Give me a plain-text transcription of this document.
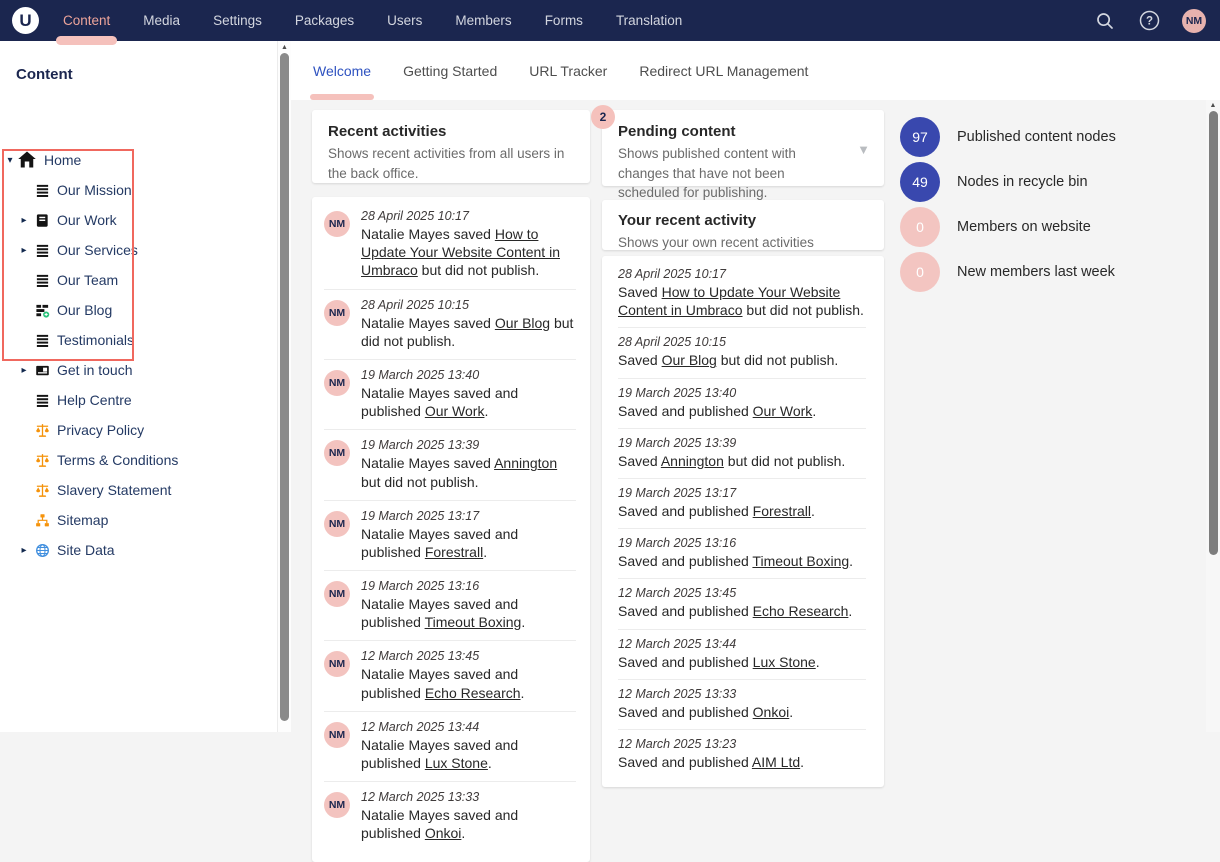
U	Content Media Settings Packages Users Members Forms Translation	?	NM
Content
▾ Home
Our Mission
▸ Our Work
▸ Our Services
Our Team
Our Blog
Testimonials
▸ Get in touch
Help Centre
Privacy Policy
Terms & Conditions
Slavery Statement
Sitemap
▸ Site Data
▲
Welcome Getting Started URL Tracker Redirect URL Management
Recent activities
Shows recent activities from all users in the back office.
NM
28 April 2025 10:17
Natalie Mayes saved How to Update Your Website Content in Umbraco but did not publish.
NM
28 April 2025 10:15
Natalie Mayes saved Our Blog but did not publish.
NM
19 March 2025 13:40
Natalie Mayes saved and published Our Work.
NM
19 March 2025 13:39
Natalie Mayes saved Annington but did not publish.
NM
19 March 2025 13:17
Natalie Mayes saved and published Forestrall.
NM
19 March 2025 13:16
Natalie Mayes saved and published Timeout Boxing.
NM
12 March 2025 13:45
Natalie Mayes saved and published Echo Research.
NM
12 March 2025 13:44
Natalie Mayes saved and published Lux Stone.
NM
12 March 2025 13:33
Natalie Mayes saved and published Onkoi.
2
Pending content
Shows published content with changes that have not been scheduled for publishing.
▼
Your recent activity
Shows your own recent activities
28 April 2025 10:17
Saved How to Update Your Website Content in Umbraco but did not publish.
28 April 2025 10:15
Saved Our Blog but did not publish.
19 March 2025 13:40
Saved and published Our Work.
19 March 2025 13:39
Saved Annington but did not publish.
19 March 2025 13:17
Saved and published Forestrall.
19 March 2025 13:16
Saved and published Timeout Boxing.
12 March 2025 13:45
Saved and published Echo Research.
12 March 2025 13:44
Saved and published Lux Stone.
12 March 2025 13:33
Saved and published Onkoi.
12 March 2025 13:23
Saved and published AIM Ltd.
97	Published content nodes
49	Nodes in recycle bin
0	Members on website
0	New members last week
▲
